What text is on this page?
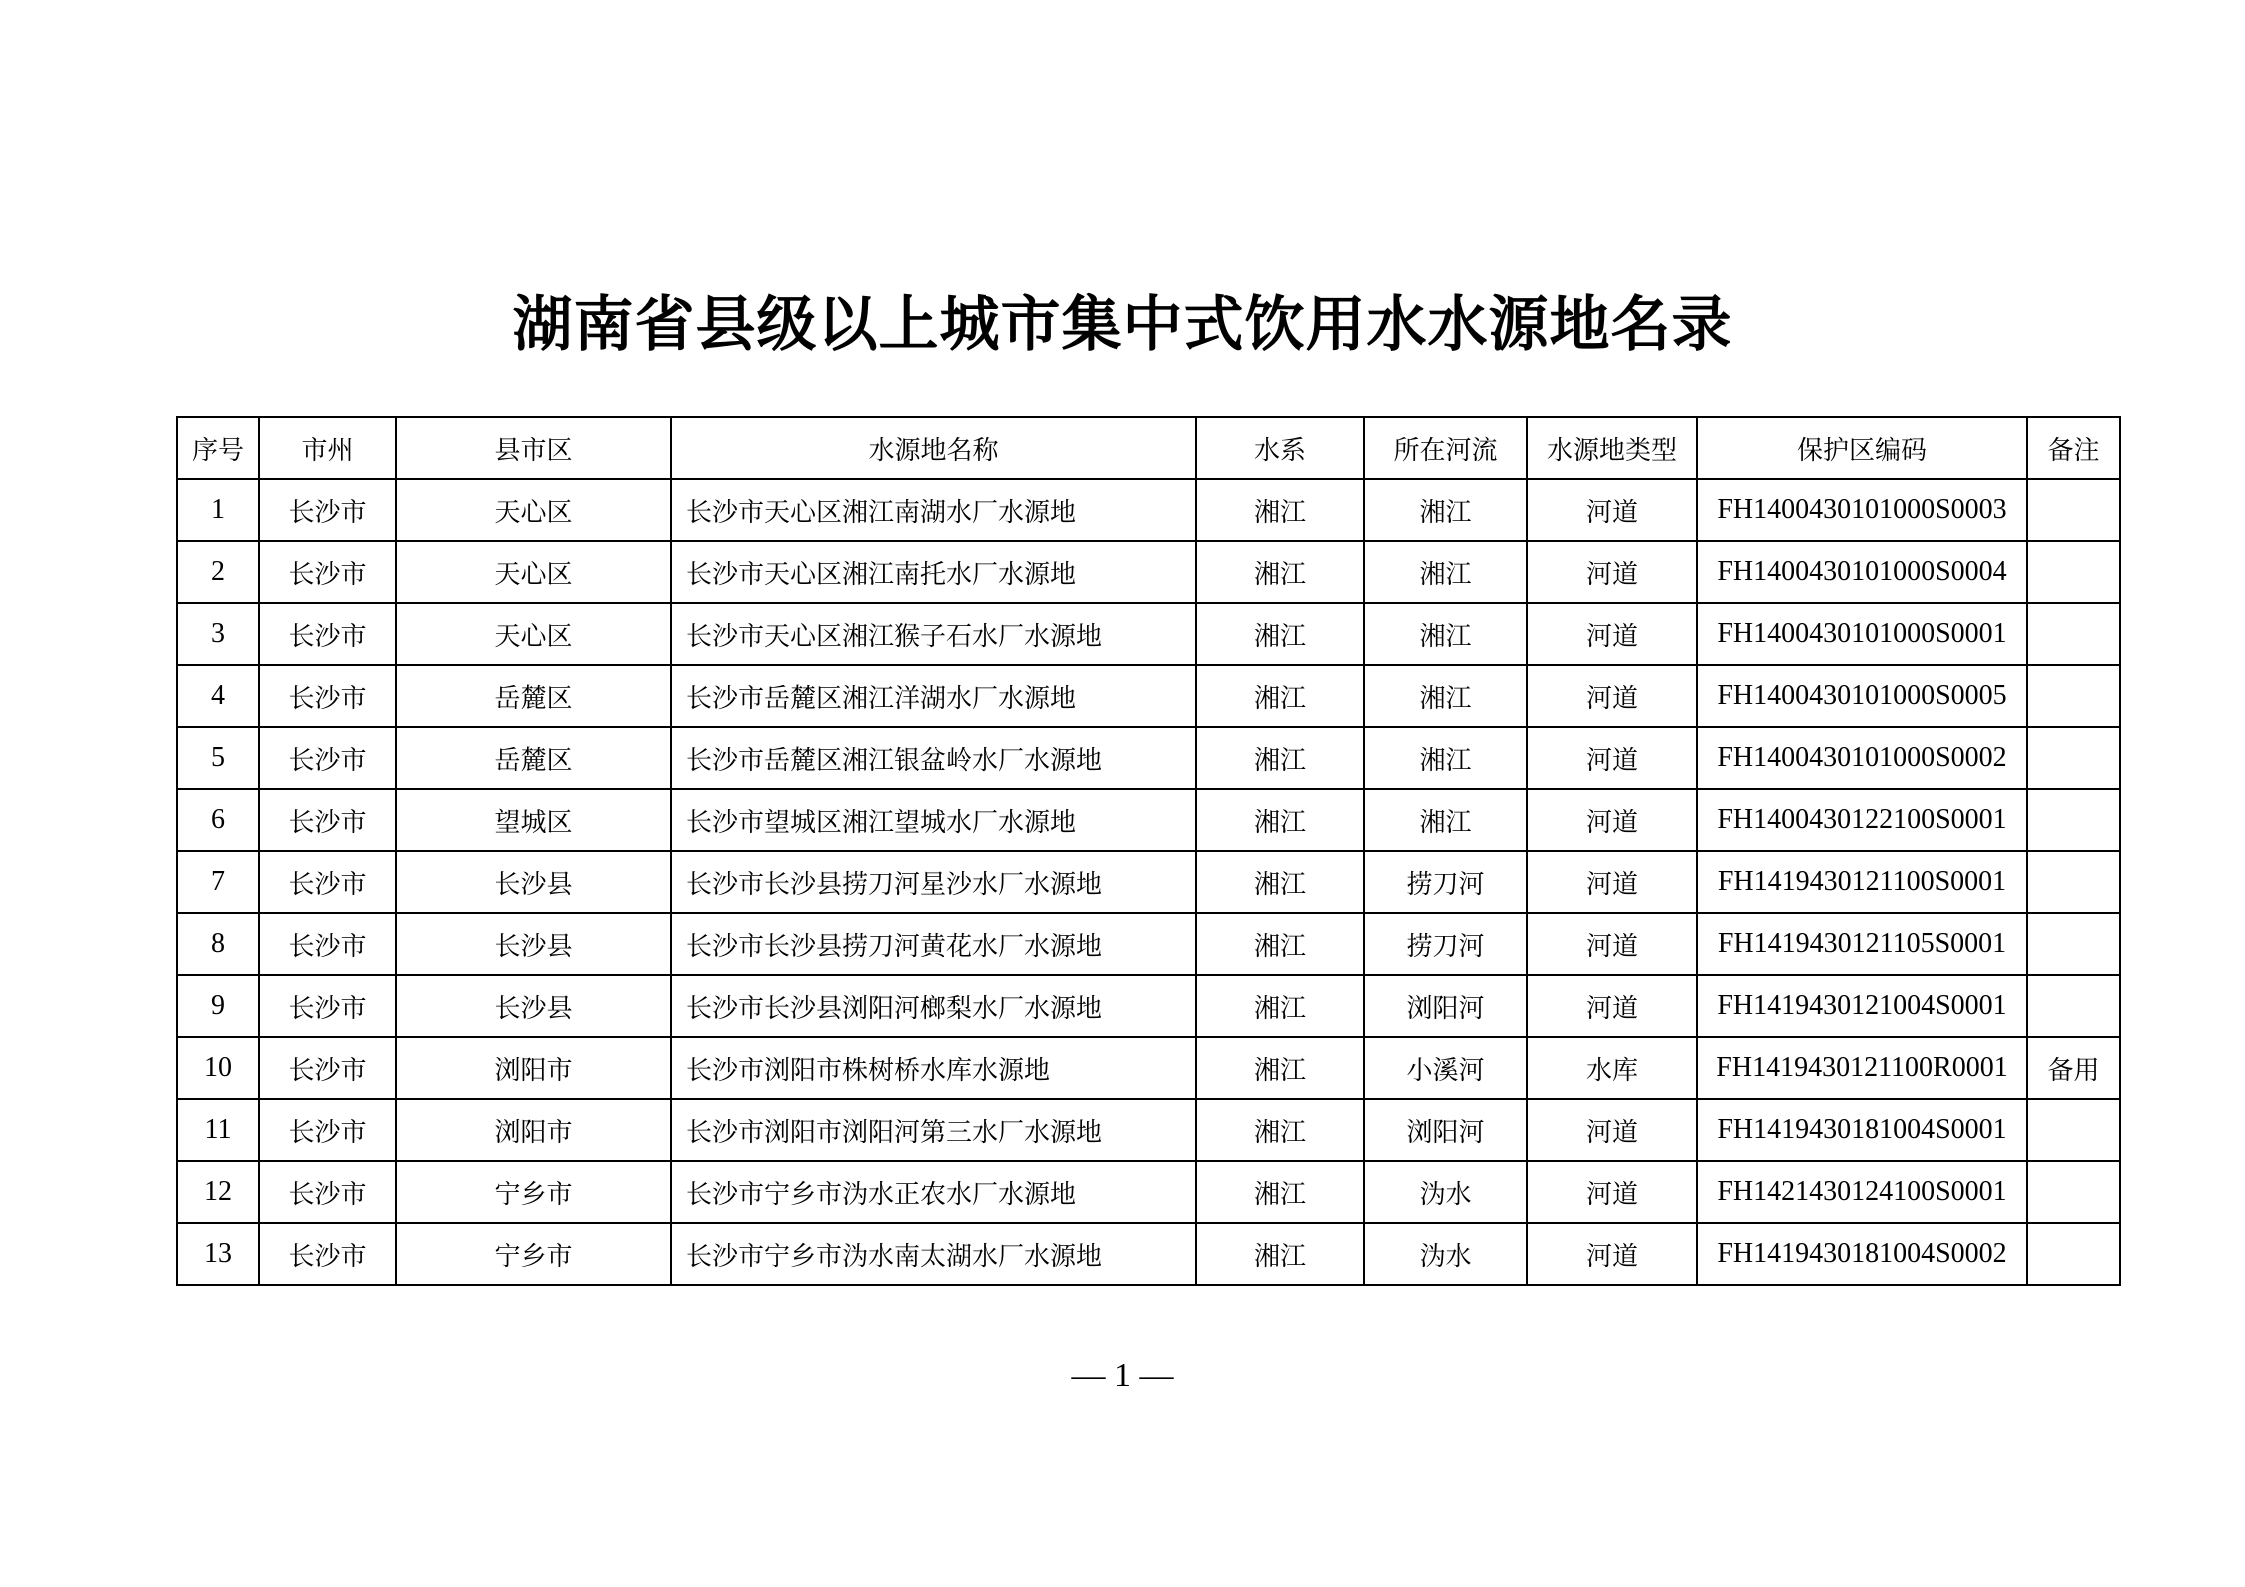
湖南省县级以上城市集中式饮用水水源地名录
序号	市州	县市区	水源地名称	水系	所在河流	水源地类型	保护区编码	备注
1	长沙市	天心区	长沙市天心区湘江南湖水厂水源地	湘江	湘江	河道	FH1400430101000S0003	
2	长沙市	天心区	长沙市天心区湘江南托水厂水源地	湘江	湘江	河道	FH1400430101000S0004	
3	长沙市	天心区	长沙市天心区湘江猴子石水厂水源地	湘江	湘江	河道	FH1400430101000S0001	
4	长沙市	岳麓区	长沙市岳麓区湘江洋湖水厂水源地	湘江	湘江	河道	FH1400430101000S0005	
5	长沙市	岳麓区	长沙市岳麓区湘江银盆岭水厂水源地	湘江	湘江	河道	FH1400430101000S0002	
6	长沙市	望城区	长沙市望城区湘江望城水厂水源地	湘江	湘江	河道	FH1400430122100S0001	
7	长沙市	长沙县	长沙市长沙县捞刀河星沙水厂水源地	湘江	捞刀河	河道	FH1419430121100S0001	
8	长沙市	长沙县	长沙市长沙县捞刀河黄花水厂水源地	湘江	捞刀河	河道	FH1419430121105S0001	
9	长沙市	长沙县	长沙市长沙县浏阳河榔梨水厂水源地	湘江	浏阳河	河道	FH1419430121004S0001	
10	长沙市	浏阳市	长沙市浏阳市株树桥水库水源地	湘江	小溪河	水库	FH1419430121100R0001	备用
11	长沙市	浏阳市	长沙市浏阳市浏阳河第三水厂水源地	湘江	浏阳河	河道	FH1419430181004S0001	
12	长沙市	宁乡市	长沙市宁乡市沩水正农水厂水源地	湘江	沩水	河道	FH1421430124100S0001	
13	长沙市	宁乡市	长沙市宁乡市沩水南太湖水厂水源地	湘江	沩水	河道	FH1419430181004S0002	
— 1 —
